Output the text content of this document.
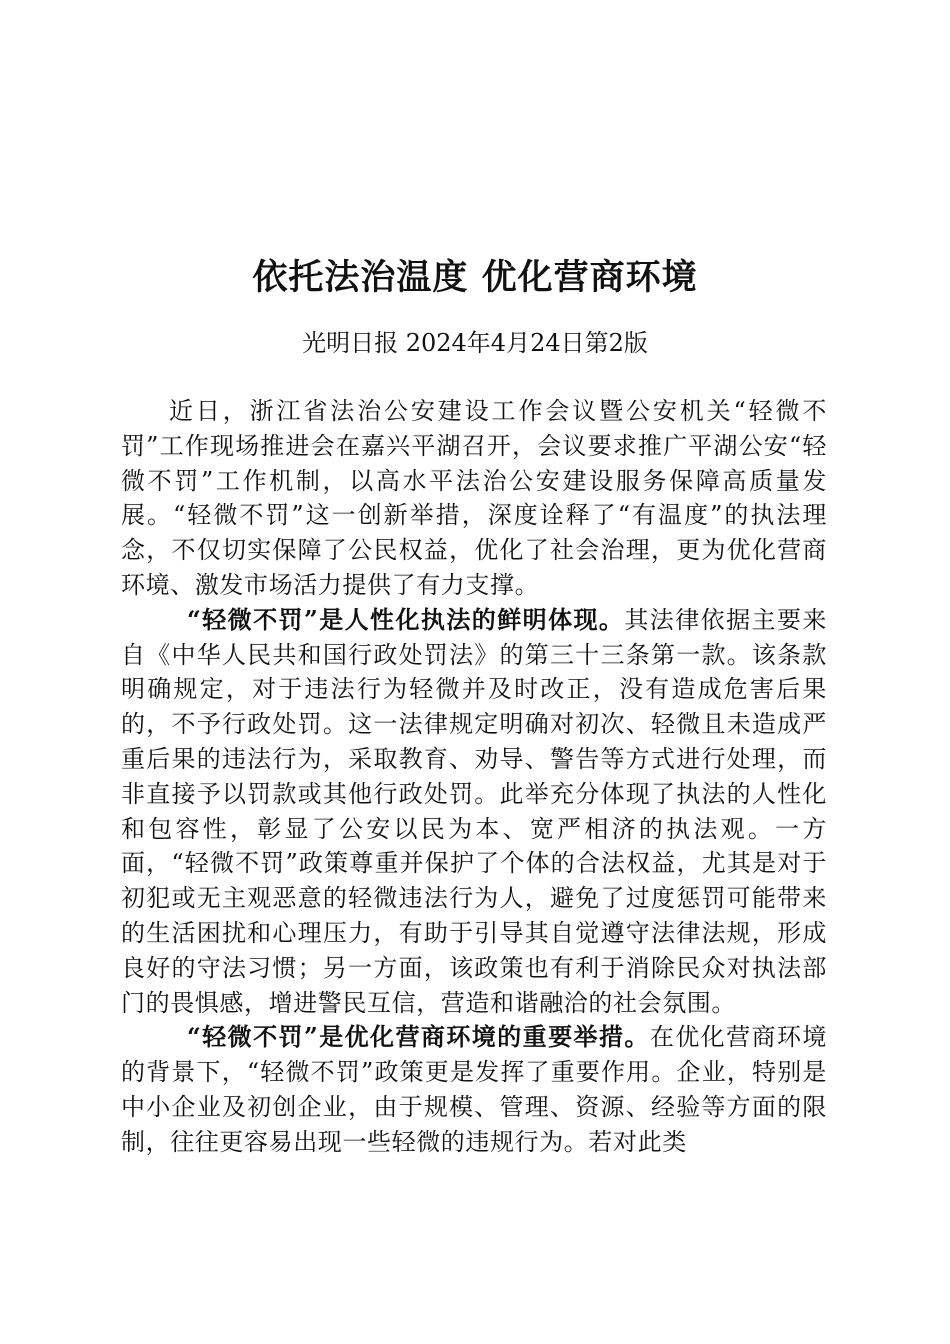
依托法治温度 优化营商环境
光明日报 2024年4月24日第2版

近日，浙江省法治公安建设工作会议暨公安机关“轻微不罚”工作现场推进会在嘉兴平湖召开，会议要求推广平湖公安“轻微不罚”工作机制，以高水平法治公安建设服务保障高质量发展。“轻微不罚”这一创新举措，深度诠释了“有温度”的执法理念，不仅切实保障了公民权益，优化了社会治理，更为优化营商环境、激发市场活力提供了有力支撑。

“轻微不罚”是人性化执法的鲜明体现。其法律依据主要来自《中华人民共和国行政处罚法》的第三十三条第一款。该条款明确规定，对于违法行为轻微并及时改正，没有造成危害后果的，不予行政处罚。这一法律规定明确对初次、轻微且未造成严重后果的违法行为，采取教育、劝导、警告等方式进行处理，而非直接予以罚款或其他行政处罚。此举充分体现了执法的人性化和包容性，彰显了公安以民为本、宽严相济的执法观。一方面，“轻微不罚”政策尊重并保护了个体的合法权益，尤其是对于初犯或无主观恶意的轻微违法行为人，避免了过度惩罚可能带来的生活困扰和心理压力，有助于引导其自觉遵守法律法规，形成良好的守法习惯；另一方面，该政策也有利于消除民众对执法部门的畏惧感，增进警民互信，营造和谐融洽的社会氛围。

“轻微不罚”是优化营商环境的重要举措。在优化营商环境的背景下，“轻微不罚”政策更是发挥了重要作用。企业，特别是中小企业及初创企业，由于规模、管理、资源、经验等方面的限制，往往更容易出现一些轻微的违规行为。若对此类
